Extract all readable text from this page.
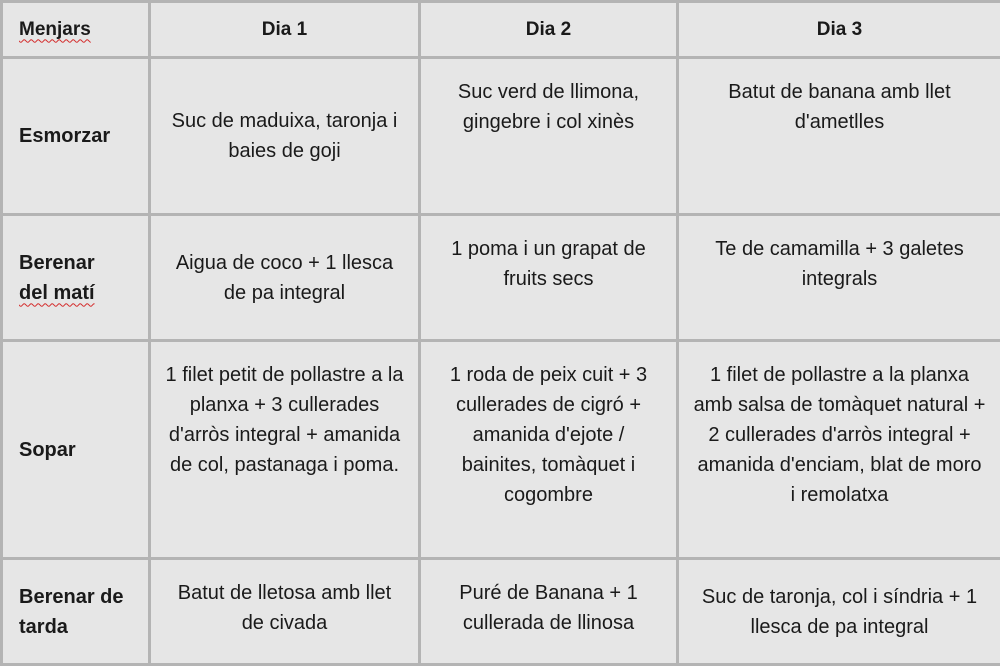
Menjars	Dia 1	Dia 2	Dia 3
Esmorzar	Suc de maduixa, taronja i baies de goji	Suc verd de llimona, gingebre i col xinès	Batut de banana amb llet d'ametlles
Berenar
del matí	Aigua de coco + 1 llesca de pa integral	1 poma i un grapat de fruits secs	Te de camamilla + 3 galetes integrals
Sopar	1 filet petit de pollastre a la planxa + 3 cullerades d'arròs integral + amanida de col, pastanaga i poma.	1 roda de peix cuit + 3 cullerades de cigró + amanida d'ejote / bainites, tomàquet i cogombre	1 filet de pollastre a la planxa amb salsa de tomàquet natural + 2 cullerades d'arròs integral + amanida d'enciam, blat de moro i remolatxa
Berenar de
tarda	Batut de lletosa amb llet de civada	Puré de Banana + 1 cullerada de llinosa	Suc de taronja, col i síndria + 1 llesca de pa integral
